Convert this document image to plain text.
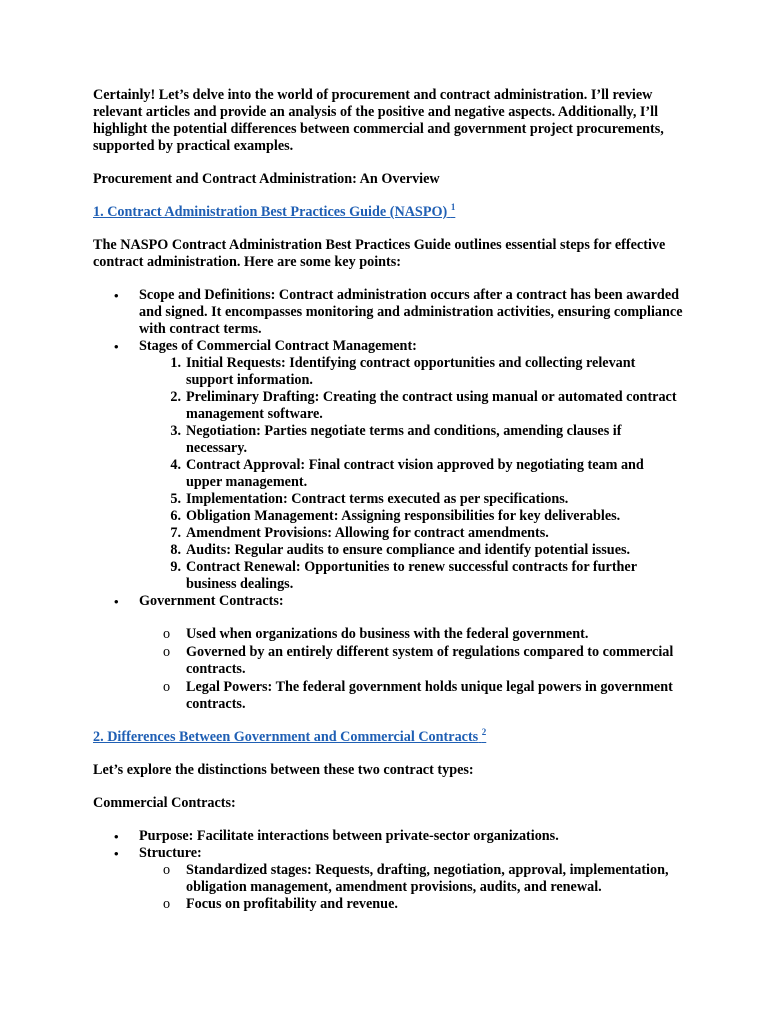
Certainly! Let’s delve into the world of procurement and contract administration. I’ll review relevant articles and provide an analysis of the positive and negative aspects. Additionally, I’ll highlight the potential differences between commercial and government project procurements, supported by practical examples.

Procurement and Contract Administration: An Overview

1. Contract Administration Best Practices Guide (NASPO) $^1$

The NASPO Contract Administration Best Practices Guide outlines essential steps for effective contract administration. Here are some key points:

• Scope and Definitions: Contract administration occurs after a contract has been awarded and signed. It encompasses monitoring and administration activities, ensuring compliance with contract terms.
• Stages of Commercial Contract Management:
1. Initial Requests: Identifying contract opportunities and collecting relevant support information.
2. Preliminary Drafting: Creating the contract using manual or automated contract management software.
3. Negotiation: Parties negotiate terms and conditions, amending clauses if necessary.
4. Contract Approval: Final contract vision approved by negotiating team and upper management.
5. Implementation: Contract terms executed as per specifications.
6. Obligation Management: Assigning responsibilities for key deliverables.
7. Amendment Provisions: Allowing for contract amendments.
8. Audits: Regular audits to ensure compliance and identify potential issues.
9. Contract Renewal: Opportunities to renew successful contracts for further business dealings.
• Government Contracts:
o Used when organizations do business with the federal government.
o Governed by an entirely different system of regulations compared to commercial contracts.
o Legal Powers: The federal government holds unique legal powers in government contracts.

2. Differences Between Government and Commercial Contracts $^2$

Let’s explore the distinctions between these two contract types:

Commercial Contracts:

• Purpose: Facilitate interactions between private-sector organizations.
• Structure:
o Standardized stages: Requests, drafting, negotiation, approval, implementation, obligation management, amendment provisions, audits, and renewal.
o Focus on profitability and revenue.
